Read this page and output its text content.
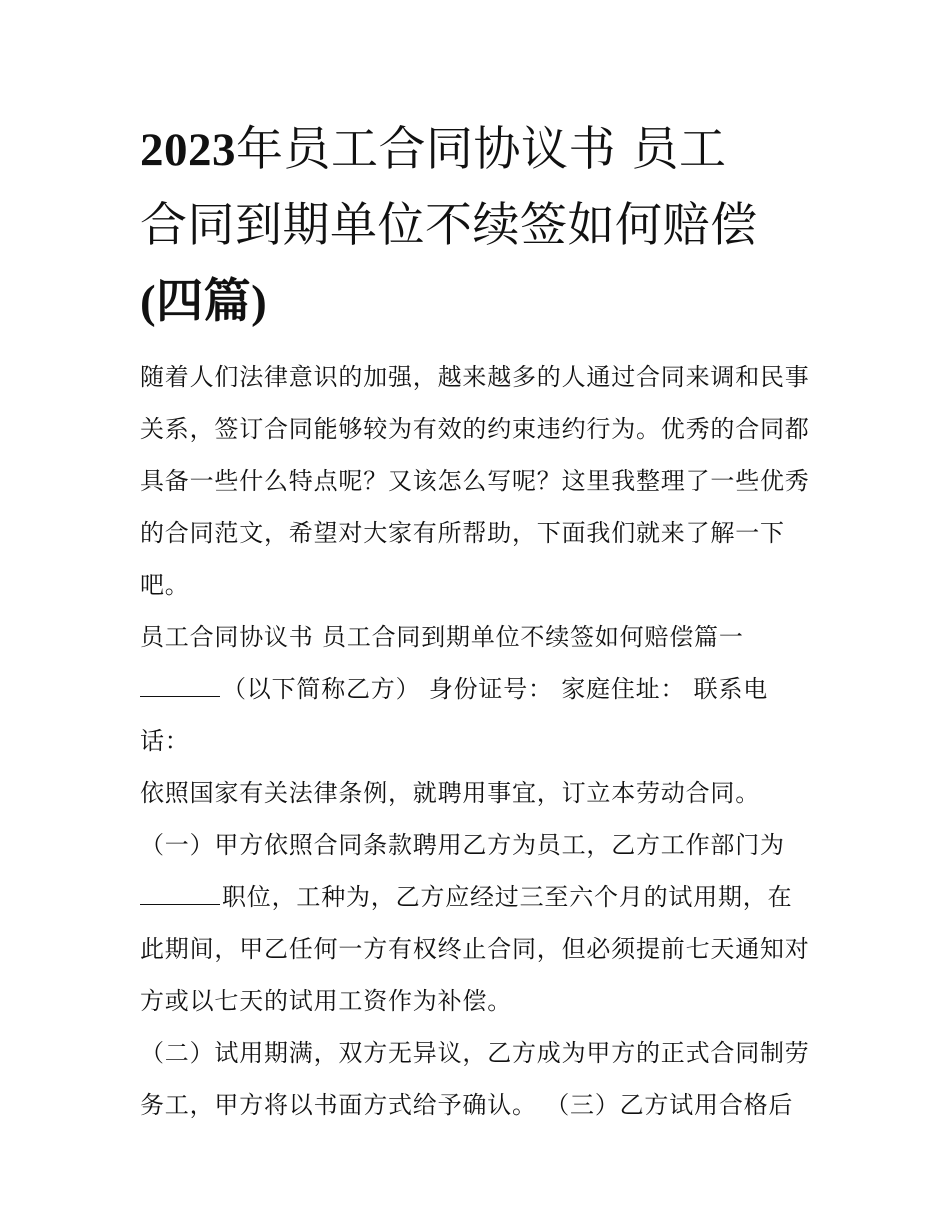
2023年员工合同协议书 员工
合同到期单位不续签如何赔偿
(四篇)
随着人们法律意识的加强，越来越多的人通过合同来调和民事
关系，签订合同能够较为有效的约束违约行为。优秀的合同都
具备一些什么特点呢？又该怎么写呢？这里我整理了一些优秀
的合同范文，希望对大家有所帮助，下面我们就来了解一下
吧。
员工合同协议书 员工合同到期单位不续签如何赔偿篇一
（以下简称乙方） 身份证号： 家庭住址： 联系电
话：
依照国家有关法律条例，就聘用事宜，订立本劳动合同。
（一）甲方依照合同条款聘用乙方为员工，乙方工作部门为
职位，工种为，乙方应经过三至六个月的试用期，在
此期间，甲乙任何一方有权终止合同，但必须提前七天通知对
方或以七天的试用工资作为补偿。
（二）试用期满，双方无异议，乙方成为甲方的正式合同制劳
务工，甲方将以书面方式给予确认。 （三）乙方试用合格后
